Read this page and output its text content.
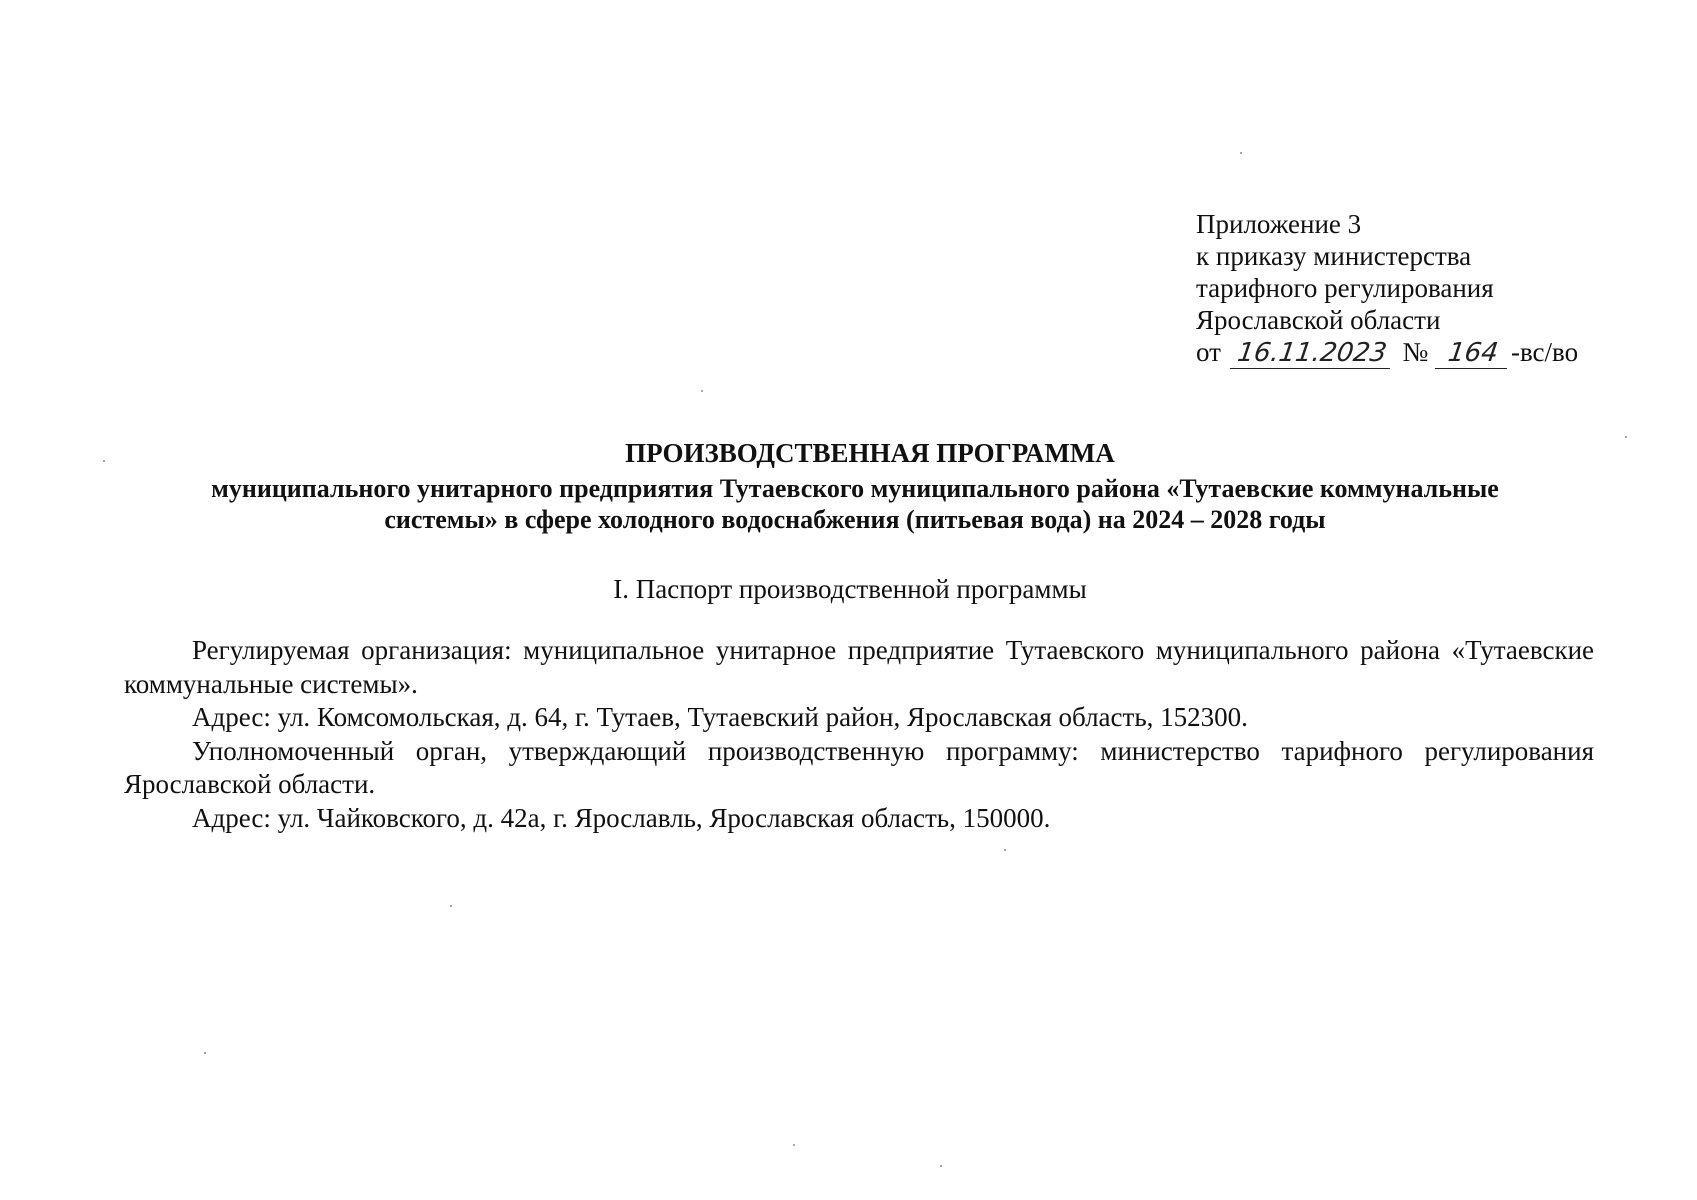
Приложение 3
к приказу министерства
тарифного регулирования
Ярославской области
от 16.11.2023 № 164 -вс/во
ПРОИЗВОДСТВЕННАЯ ПРОГРАММА
муниципального унитарного предприятия Тутаевского муниципального района «Тутаевские коммунальные
системы» в сфере холодного водоснабжения (питьевая вода) на 2024 – 2028 годы
I. Паспорт производственной программы

Регулируемая организация: муниципальное унитарное предприятие Тутаевского муниципального района «Тутаевские коммунальные системы».

Адрес: ул. Комсомольская, д. 64, г. Тутаев, Тутаевский район, Ярославская область, 152300.

Уполномоченный орган, утверждающий производственную программу: министерство тарифного регулирования Ярославской области.

Адрес: ул. Чайковского, д. 42а, г. Ярославль, Ярославская область, 150000.
